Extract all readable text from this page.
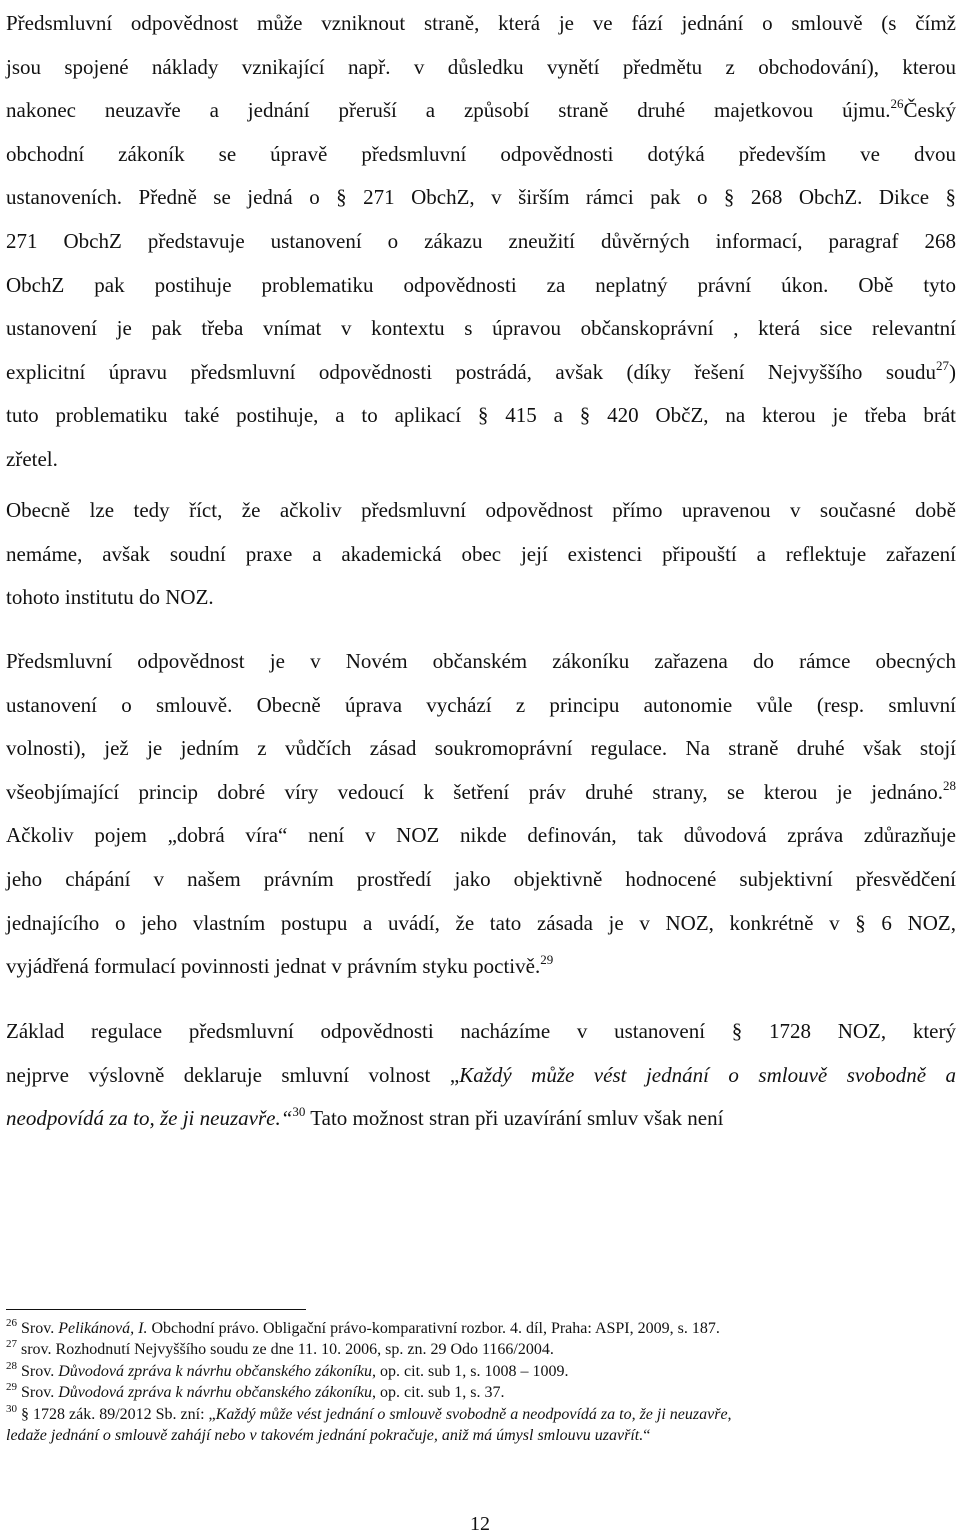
Předsmluvní odpovědnost může vzniknout straně, která je ve fází jednání o smlouvě (s čímž
jsou spojené náklady vznikající např. v důsledku vynětí předmětu z obchodování), kterou
nakonec neuzavře a jednání přeruší a způsobí straně druhé majetkovou újmu.$^{26}$Český
obchodní zákoník se úpravě předsmluvní odpovědnosti dotýká především ve dvou
ustanoveních. Předně se jedná o § 271 ObchZ, v širším rámci pak o § 268 ObchZ. Dikce §
271 ObchZ představuje ustanovení o zákazu zneužití důvěrných informací, paragraf 268
ObchZ pak postihuje problematiku odpovědnosti za neplatný právní úkon. Obě tyto
ustanovení je pak třeba vnímat v kontextu s úpravou občanskoprávní , která sice relevantní
explicitní úpravu předsmluvní odpovědnosti postrádá, avšak (díky řešení Nejvyššího soudu$^{27}$)
tuto problematiku také postihuje, a to aplikací § 415 a § 420 ObčZ, na kterou je třeba brát
zřetel.
Obecně lze tedy říct, že ačkoliv předsmluvní odpovědnost přímo upravenou v současné době
nemáme, avšak soudní praxe a akademická obec její existenci připouští a reflektuje zařazení
tohoto institutu do NOZ.
Předsmluvní odpovědnost je v Novém občanském zákoníku zařazena do rámce obecných
ustanovení o smlouvě. Obecně úprava vychází z principu autonomie vůle (resp. smluvní
volnosti), jež je jedním z vůdčích zásad soukromoprávní regulace. Na straně druhé však stojí
všeobjímající princip dobré víry vedoucí k šetření práv druhé strany, se kterou je jednáno.$^{28}$
Ačkoliv pojem „dobrá víra“ není v NOZ nikde definován, tak důvodová zpráva zdůrazňuje
jeho chápání v našem právním prostředí jako objektivně hodnocené subjektivní přesvědčení
jednajícího o jeho vlastním postupu a uvádí, že tato zásada je v NOZ, konkrétně v § 6 NOZ,
vyjádřená formulací povinnosti jednat v právním styku poctivě.$^{29}$
Základ regulace předsmluvní odpovědnosti nacházíme v ustanovení § 1728 NOZ, který
nejprve výslovně deklaruje smluvní volnost „Každý může vést jednání o smlouvě svobodně a
neodpovídá za to, že ji neuzavře.“$^{30}$ Tato možnost stran při uzavírání smluv však není
$^{26}$ Srov. Pelikánová, I. Obchodní právo. Obligační právo-komparativní rozbor. 4. díl, Praha: ASPI, 2009, s. 187.
$^{27}$ srov. Rozhodnutí Nejvyššího soudu ze dne 11. 10. 2006, sp. zn. 29 Odo 1166/2004.
$^{28}$ Srov. Důvodová zpráva k návrhu občanského zákoníku, op. cit. sub 1, s. 1008 – 1009.
$^{29}$ Srov. Důvodová zpráva k návrhu občanského zákoníku, op. cit. sub 1, s. 37.
$^{30}$ § 1728 zák. 89/2012 Sb. zní: „Každý může vést jednání o smlouvě svobodně a neodpovídá za to, že ji neuzavře,
ledaže jednání o smlouvě zahájí nebo v takovém jednání pokračuje, aniž má úmysl smlouvu uzavřít.“
12
